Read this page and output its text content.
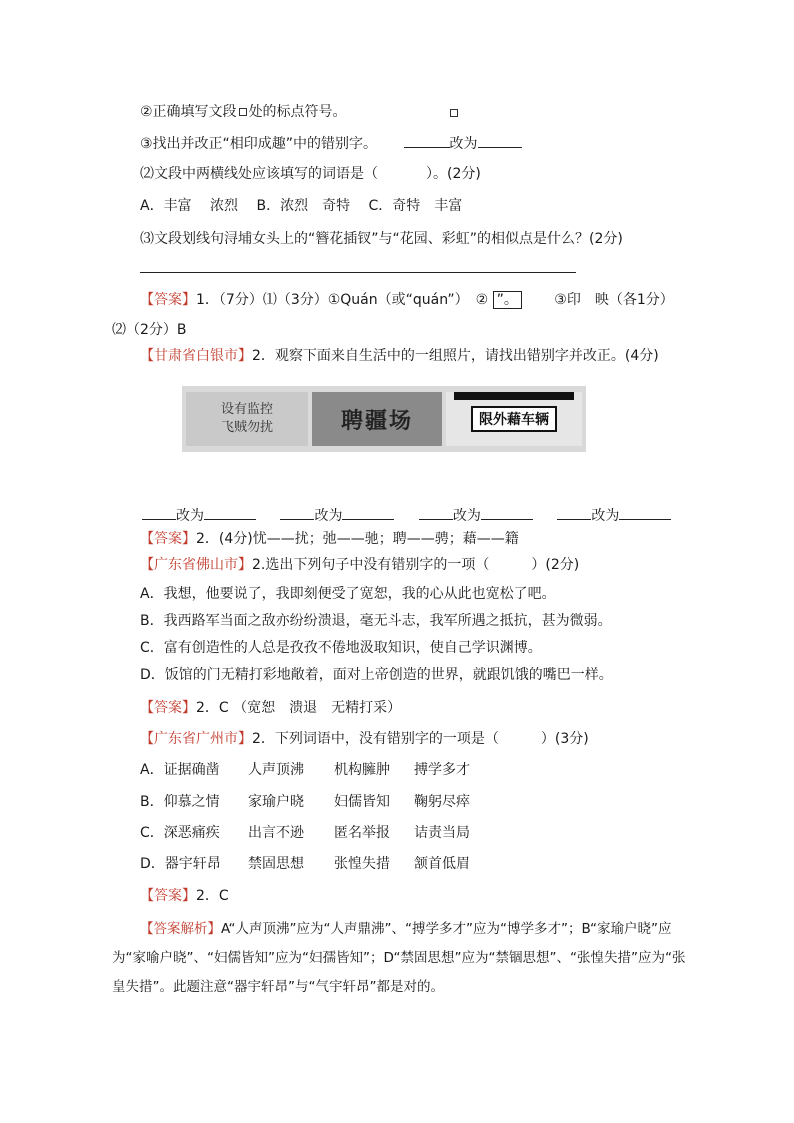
②正确填写文段 处的标点符号。
③找出并改正“相印成趣”中的错别字。	改为
⑵文段中两横线处应该填写的词语是（	）。(2分)
A．丰富　 浓烈　 B．浓烈　奇特　 C．奇特　丰富
⑶文段划线句浔埔女头上的“簪花插钗”与“花园、彩虹”的相似点是什么？(2分)
【答案】1．（7分）⑴（3分）①Quán（或“quán”）　② ”。	③印　映（各1分）
⑵（2分）B
【甘肃省白银市】2．观察下面来自生活中的一组照片，请找出错别字并改正。(4分)
设有监控
飞贼勿扰	聘疆场	限外藉车辆
改为	改为	改为	改为
【答案】2．(4分)忧——扰；弛——驰；聘——骋；藉——籍
【广东省佛山市】2.选出下列句子中没有错别字的一项（　　　）(2分)
A．我想，他要说了，我即刻便受了宽恕，我的心从此也宽松了吧。
B．我西路军当面之敌亦纷纷溃退，毫无斗志，我军所遇之抵抗，甚为微弱。
C．富有创造性的人总是孜孜不倦地汲取知识，使自己学识渊博。
D．饭馆的门无精打彩地敞着，面对上帝创造的世界，就跟饥饿的嘴巴一样。
【答案】2．C （宽恕　溃退　无精打采）
【广东省广州市】2．下列词语中，没有错别字的一项是（　　　）(3分)
A．证据确凿 人声顶沸 机构臃肿 搏学多才
B．仰慕之情 家瑜户晓 妇儒皆知 鞠躬尽瘁
C．深恶痛疾 出言不逊 匿名举报 诘责当局
D．器宇轩昂 禁固思想 张惶失措 颔首低眉
【答案】2．C
【答案解析】A“人声顶沸”应为“人声鼎沸”、“搏学多才”应为“博学多才”；B“家瑜户晓”应
为“家喻户晓”、“妇儒皆知”应为“妇孺皆知”；D“禁固思想”应为“禁锢思想”、“张惶失措”应为“张
皇失措”。此题注意“器宇轩昂”与“气宇轩昂”都是对的。
